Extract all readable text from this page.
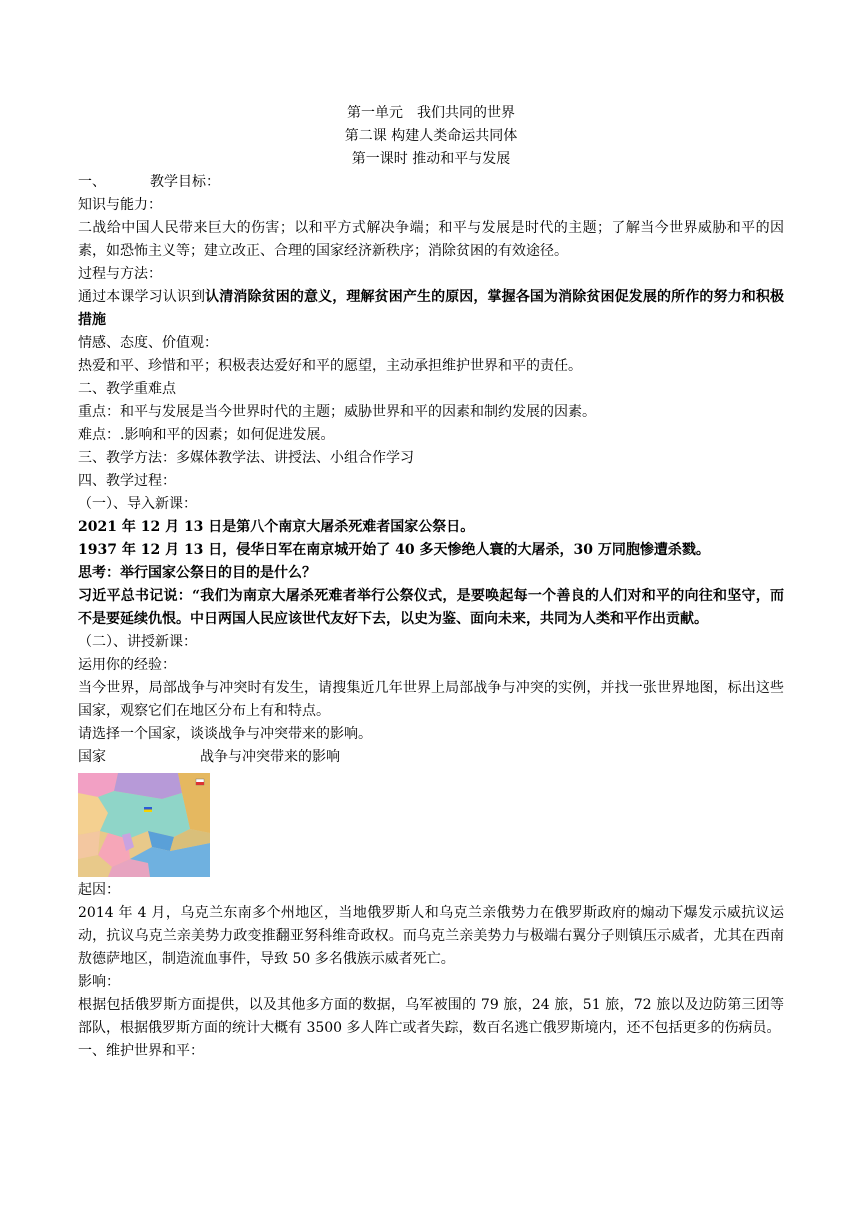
第一单元　我们共同的世界
第二课 构建人类命运共同体
第一课时 推动和平与发展
一、	教学目标：
知识与能力：
二战给中国人民带来巨大的伤害；以和平方式解决争端；和平与发展是时代的主题；了解当今世界威胁和平的因素，如恐怖主义等；建立改正、合理的国家经济新秩序；消除贫困的有效途径。
过程与方法：
通过本课学习认识到认清消除贫困的意义，理解贫困产生的原因，掌握各国为消除贫困促发展的所作的努力和积极措施
情感、态度、价值观：
热爱和平、珍惜和平；积极表达爱好和平的愿望，主动承担维护世界和平的责任。
二、教学重难点
重点：和平与发展是当今世界时代的主题；威胁世界和平的因素和制约发展的因素。
难点：.影响和平的因素；如何促进发展。
三、教学方法：多媒体教学法、讲授法、小组合作学习
四、教学过程：
（一）、导入新课：
2021 年 12 月 13 日是第八个南京大屠杀死难者国家公祭日。
1937 年 12 月 13 日，侵华日军在南京城开始了 40 多天惨绝人寰的大屠杀，30 万同胞惨遭杀戮。
思考：举行国家公祭日的目的是什么？
习近平总书记说：“我们为南京大屠杀死难者举行公祭仪式，是要唤起每一个善良的人们对和平的向往和坚守，而不是要延续仇恨。中日两国人民应该世代友好下去，以史为鉴、面向未来，共同为人类和平作出贡献。
（二）、讲授新课：
运用你的经验：
当今世界，局部战争与冲突时有发生，请搜集近几年世界上局部战争与冲突的实例，并找一张世界地图，标出这些国家，观察它们在地区分布上有和特点。
请选择一个国家，谈谈战争与冲突带来的影响。
国家	战争与冲突带来的影响
起因：
2014 年 4 月，乌克兰东南多个州地区，当地俄罗斯人和乌克兰亲俄势力在俄罗斯政府的煽动下爆发示威抗议运动，抗议乌克兰亲美势力政变推翻亚努科维奇政权。而乌克兰亲美势力与极端右翼分子则镇压示威者，尤其在西南敖德萨地区，制造流血事件，导致 50 多名俄族示威者死亡。
影响：
根据包括俄罗斯方面提供，以及其他多方面的数据，乌军被围的 79 旅，24 旅，51 旅，72 旅以及边防第三团等部队，根据俄罗斯方面的统计大概有 3500 多人阵亡或者失踪，数百名逃亡俄罗斯境内，还不包括更多的伤病员。
一、维护世界和平：
